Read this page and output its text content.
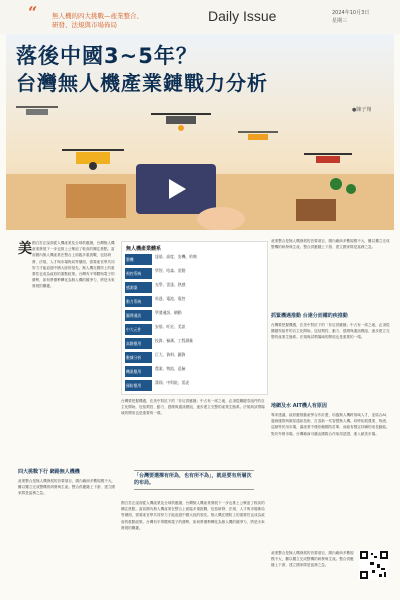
“ 無人機的四大挑戰—產業整合、
研發、法規與市場佈局
Daily Issue	2024年10月3日
星期三
落後中國3~5年？
台灣無人機產業鏈戰力分析
●陳子翔
美 國白宮正說面從人機產業及全球供應鏈，台灣無人機產業發展下一步也推上公眾追了較高的關注焦點。當前國內無人機產業在整合上面臨多重挑戰，包括研發、法規、人才與市場佈局等層面，需要產官學共同努力才能追趕中國大陸的領先。無人機在國防上的重要性也成為政府的重點政策。台灣有半導體與電子的優勢，如何將優勢轉化為無人機的競爭力，將是未來發展的關鍵。
四大挑戰下行 網路無人機機
產業整合是無人機發展的首要項目，國內廠商多數規模不大，難以獨立完成整機的研發與生產。整合供應鏈上下游、建立國家隊是當務之急。
無人機產業體系
整機
達基、高度、安機、哈嗡
飛控系統
學智、哈淼、雷動
感測器
光學、雷達、熱感
動力系統
馬達、電池、電控
圖傳通訊
學發通訊、網動
中大元件
安基、旺宏、美訊
高階應用
投資、檢測、工程測量
數據分析
巨大、資料、圖資
機業應用
農業、物流、巡檢
國防應用
漢翔、中科院、雷虎
台灣要把握機遇，在美中對抗下的「非紅供應鏈」中占有一席之地，必須從關鍵零組件的自主化開始，包括飛控、動力、感測與通訊模組，逐步建立完整的產業生態系。法規與試飛場域的開放也是重要的一環。
「台灣要選擇有所為，也有所不為」，就是要有所層次的布局。
國白宮正說面從人機產業及全球供應鏈，台灣無人機產業發展下一步也推上公眾追了較高的關注焦點。當前國內無人機產業在整合上面臨多重挑戰，包括研發、法規、人才與市場佈局等層面，需要產官學共同努力才能追趕中國大陸的領先。無人機在國防上的重要性也成為政府的重點政策。台灣有半導體與電子的優勢，如何將優勢轉化為無人機的競爭力，將是未來發展的關鍵。
產業整合是無人機發展的首要項目，國內廠商多數規模不大，難以獨立完成整機的研發與生產。整合供應鏈上下游、建立國家隊是當務之急。
抓緊機遇推動 台達分而權的疾推動
台灣要把握機遇，在美中對抗下的「非紅供應鏈」中占有一席之地，必須從關鍵零組件的自主化開始，包括飛控、動力、感測與通訊模組，逐步建立完整的產業生態系。法規與試飛場域的開放也是重要的一環。
地網及水 AIT機人有原因
專家建議，政府應推動產學合作計畫，培養無人機跨領域人才，並結合AI、邊緣運算與衛星通訊技術，打造新一代智慧無人機。同時拓展農業、物流、巡檢等民用市場，讓產業不僅依賴國防訂單，而能有穩定持續的成長動能。對於外销市場，台灣廠商可藉由國際合作取得認證，進入歐美市場。
產業整合是無人機發展的首要項目，國內廠商多數規模不大，難以獨立完成整機的研發與生產。整合供應鏈上下游、建立國家隊是當務之急。
